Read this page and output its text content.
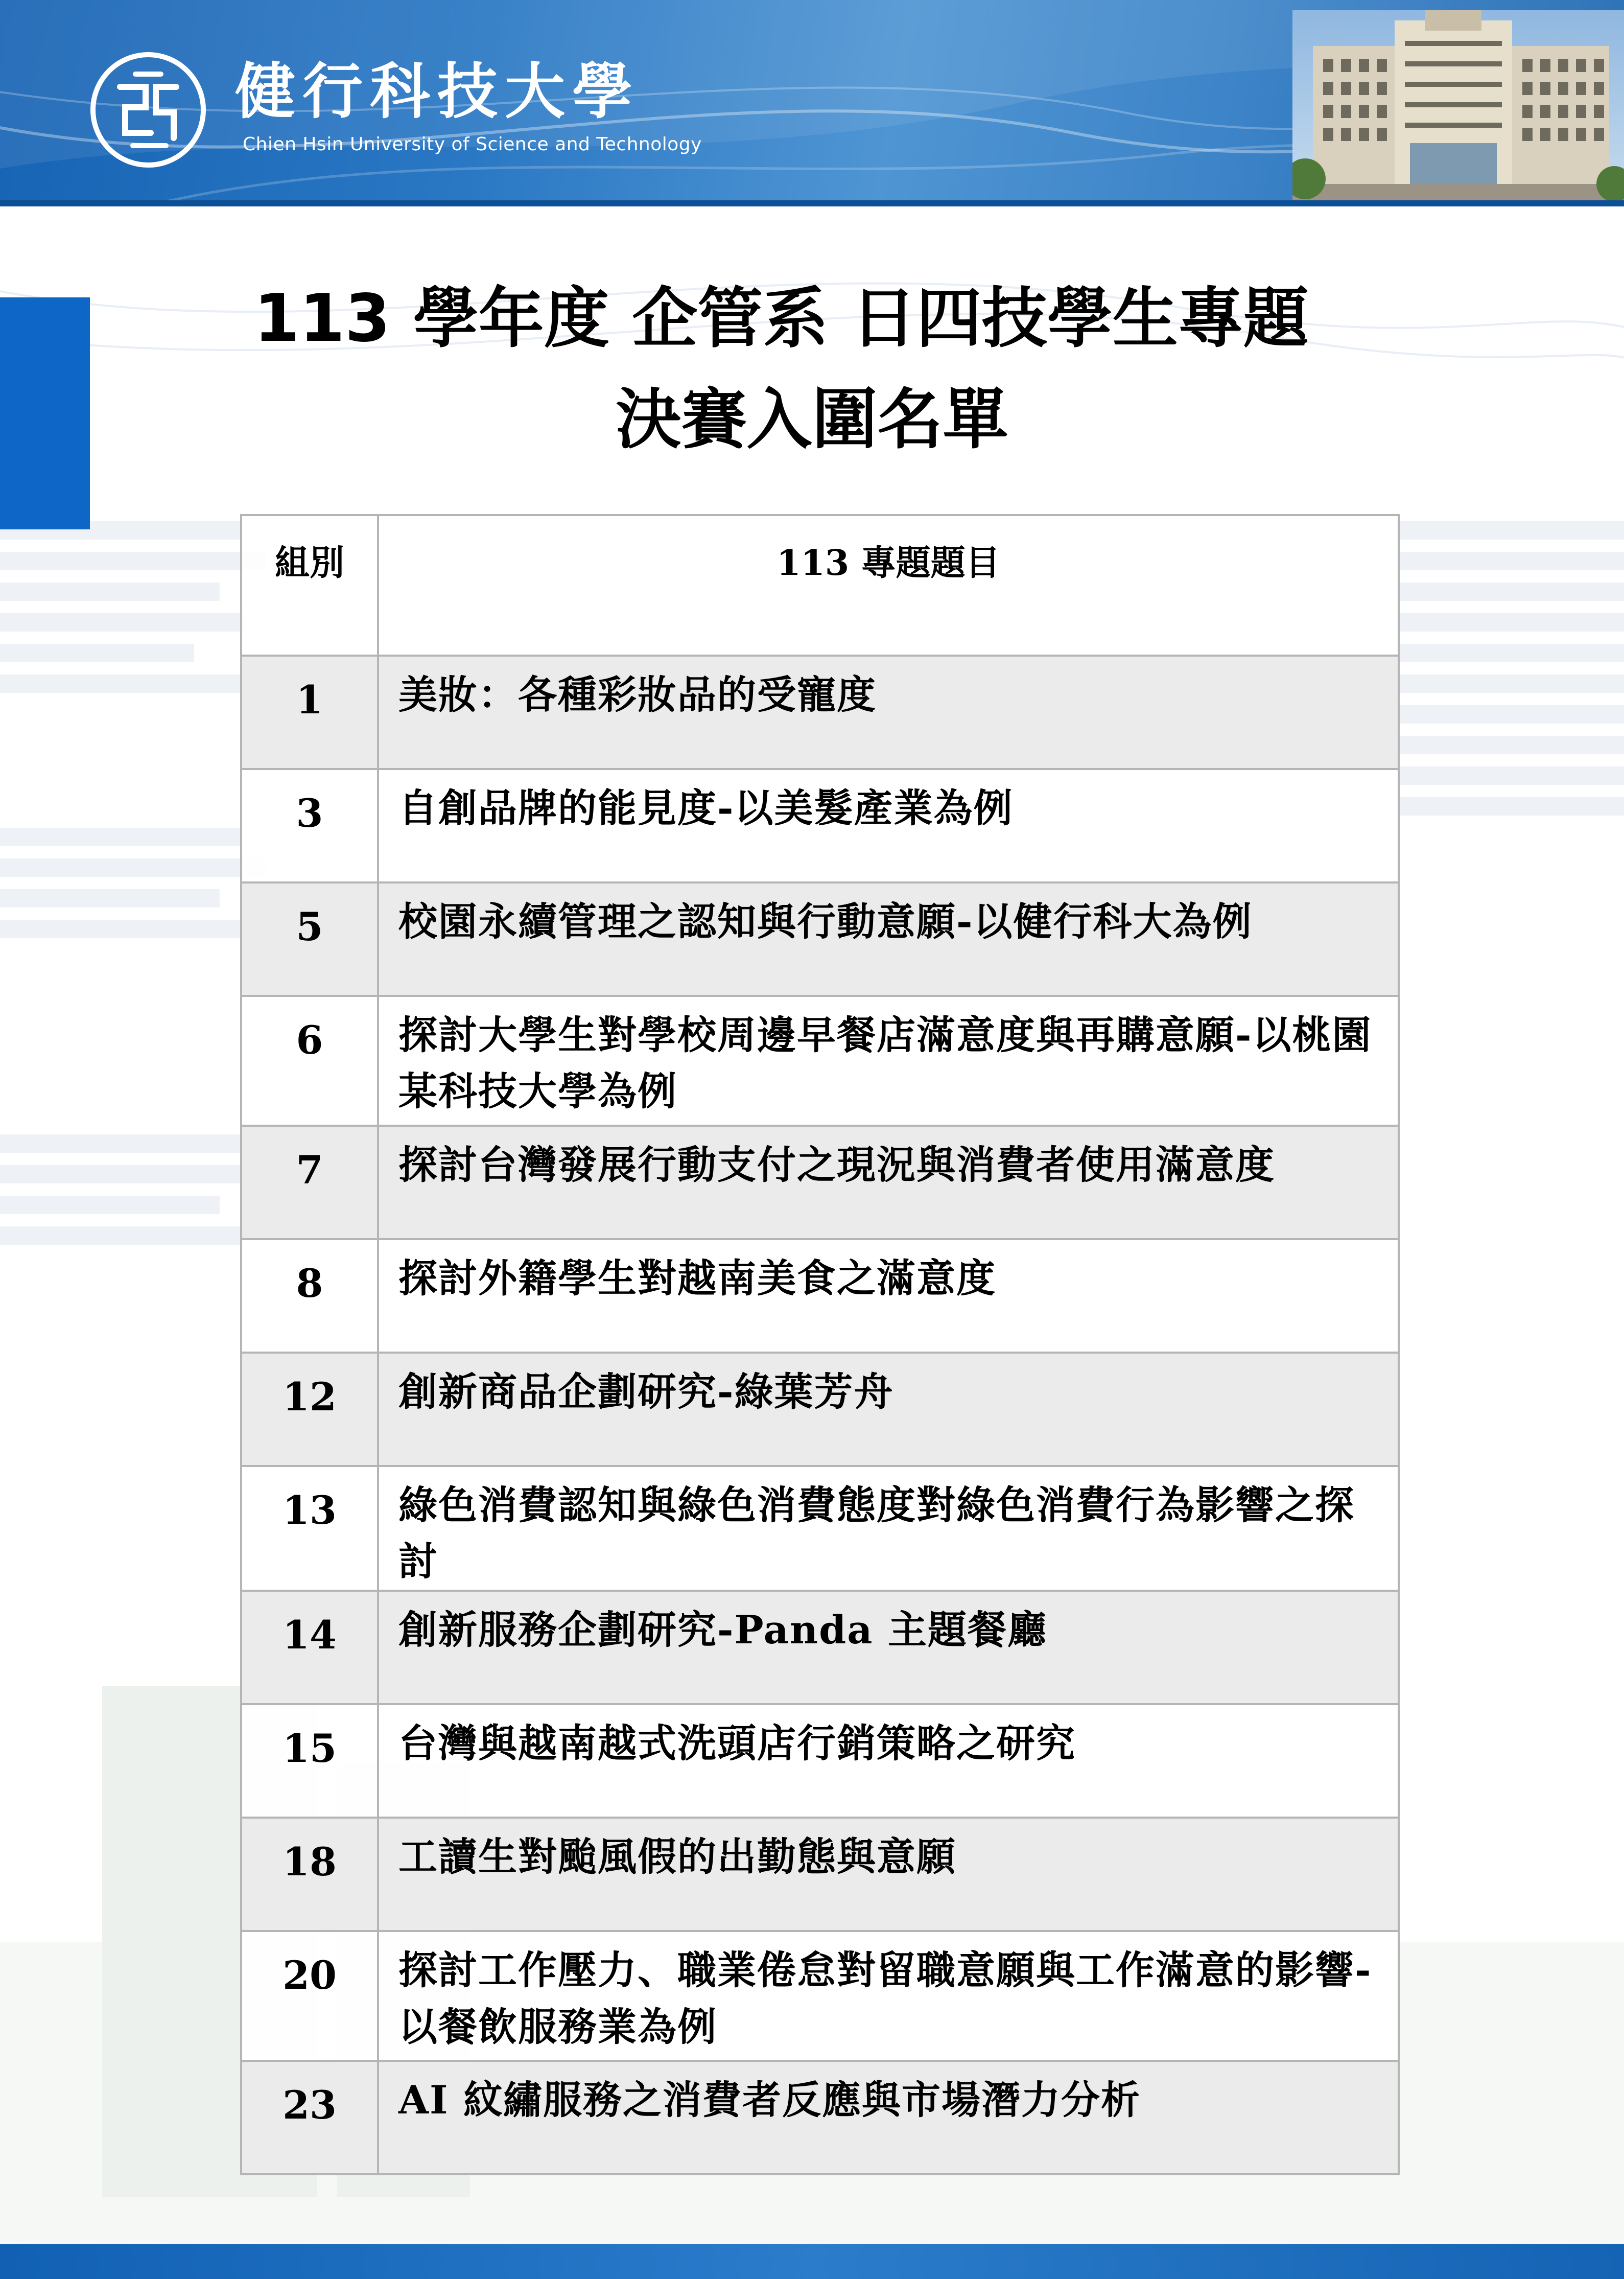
健行科技大學
Chien Hsin University of Science and Technology
113 學年度 企管系 日四技學生專題
決賽入圍名單
組別	113 專題題目
1	美妝：各種彩妝品的受寵度
3	自創品牌的能見度-以美髮產業為例
5	校園永續管理之認知與行動意願-以健行科大為例
6	探討大學生對學校周邊早餐店滿意度與再購意願-以桃園某科技大學為例
7	探討台灣發展行動支付之現況與消費者使用滿意度
8	探討外籍學生對越南美食之滿意度
12	創新商品企劃研究-綠葉芳舟
13	綠色消費認知與綠色消費態度對綠色消費行為影響之探討
14	創新服務企劃研究-Panda 主題餐廳
15	台灣與越南越式洗頭店行銷策略之研究
18	工讀生對颱風假的出勤態與意願
20	探討工作壓力、職業倦怠對留職意願與工作滿意的影響-以餐飲服務業為例
23	AI 紋繡服務之消費者反應與市場潛力分析
